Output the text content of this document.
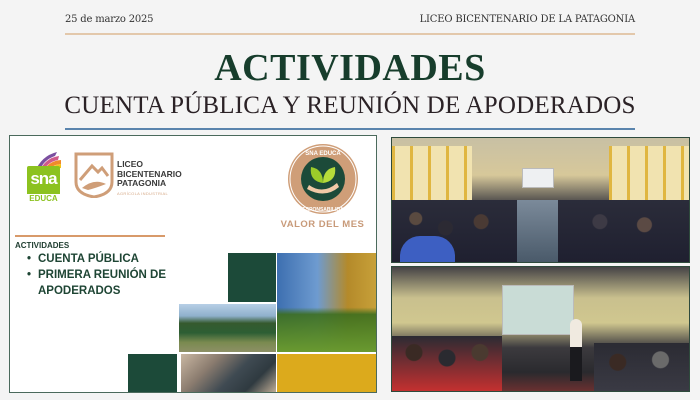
25 de marzo 2025	LICEO BICENTENARIO DE LA PATAGONIA
ACTIVIDADES
CUENTA PÚBLICA Y REUNIÓN DE APODERADOS
sna
EDUCA
LICEO
BICENTENARIO
PATAGONIA
AGRÍCOLA INDUSTRIAL
SNA EDUCA
RESPONSABILIDAD
VALOR DEL MES
ACTIVIDADES
• CUENTA PÚBLICA
• PRIMERA REUNIÓN DE
APODERADOS
